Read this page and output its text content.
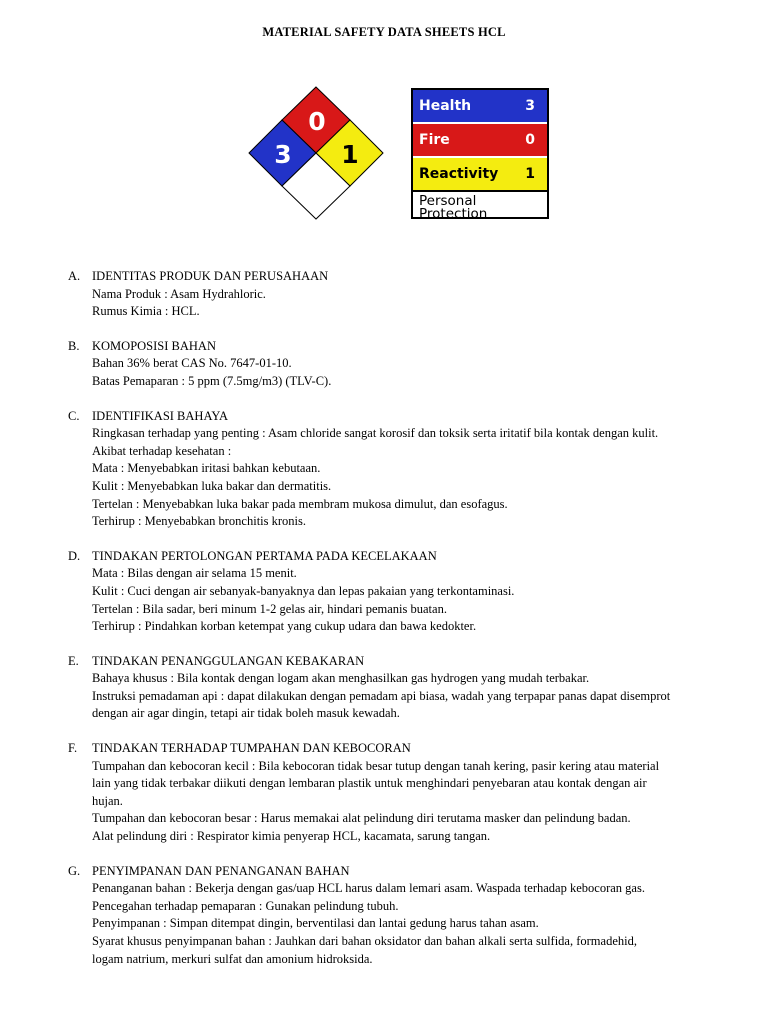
MATERIAL SAFETY DATA SHEETS HCL
0
3 1
Health	3
Fire	0
Reactivity 1
Personal
Protection
A. IDENTITAS PRODUK DAN PERUSAHAAN
Nama Produk : Asam Hydrahloric.
Rumus Kimia : HCL.
B.	KOMOPOSISI BAHAN
Bahan 36% berat CAS No. 7647-01-10.
Batas Pemaparan : 5 ppm (7.5mg/m3) (TLV-C).
C.	IDENTIFIKASI BAHAYA
Ringkasan terhadap yang penting : Asam chloride sangat korosif dan toksik serta iritatif bila kontak dengan kulit.
Akibat terhadap kesehatan :
Mata : Menyebabkan iritasi bahkan kebutaan.
Kulit : Menyebabkan luka bakar dan dermatitis.
Tertelan : Menyebabkan luka bakar pada membram mukosa dimulut, dan esofagus.
Terhirup : Menyebabkan bronchitis kronis.
D. TINDAKAN PERTOLONGAN PERTAMA PADA KECELAKAAN
Mata : Bilas dengan air selama 15 menit.
Kulit : Cuci dengan air sebanyak-banyaknya dan lepas pakaian yang terkontaminasi.
Tertelan : Bila sadar, beri minum 1-2 gelas air, hindari pemanis buatan.
Terhirup : Pindahkan korban ketempat yang cukup udara dan bawa kedokter.
E.	TINDAKAN PENANGGULANGAN KEBAKARAN
Bahaya khusus : Bila kontak dengan logam akan menghasilkan gas hydrogen yang mudah terbakar.
Instruksi pemadaman api : dapat dilakukan dengan pemadam api biasa, wadah yang terpapar panas dapat disemprot
dengan air agar dingin, tetapi air tidak boleh masuk kewadah.
F.	TINDAKAN TERHADAP TUMPAHAN DAN KEBOCORAN
Tumpahan dan kebocoran kecil : Bila kebocoran tidak besar tutup dengan tanah kering, pasir kering atau material
lain yang tidak terbakar diikuti dengan lembaran plastik untuk menghindari penyebaran atau kontak dengan air
hujan.
Tumpahan dan kebocoran besar : Harus memakai alat pelindung diri terutama masker dan pelindung badan.
Alat pelindung diri : Respirator kimia penyerap HCL, kacamata, sarung tangan.
G. PENYIMPANAN DAN PENANGANAN BAHAN
Penanganan bahan : Bekerja dengan gas/uap HCL harus dalam lemari asam. Waspada terhadap kebocoran gas.
Pencegahan terhadap pemaparan : Gunakan pelindung tubuh.
Penyimpanan : Simpan ditempat dingin, berventilasi dan lantai gedung harus tahan asam.
Syarat khusus penyimpanan bahan : Jauhkan dari bahan oksidator dan bahan alkali serta sulfida, formadehid,
logam natrium, merkuri sulfat dan amonium hidroksida.
